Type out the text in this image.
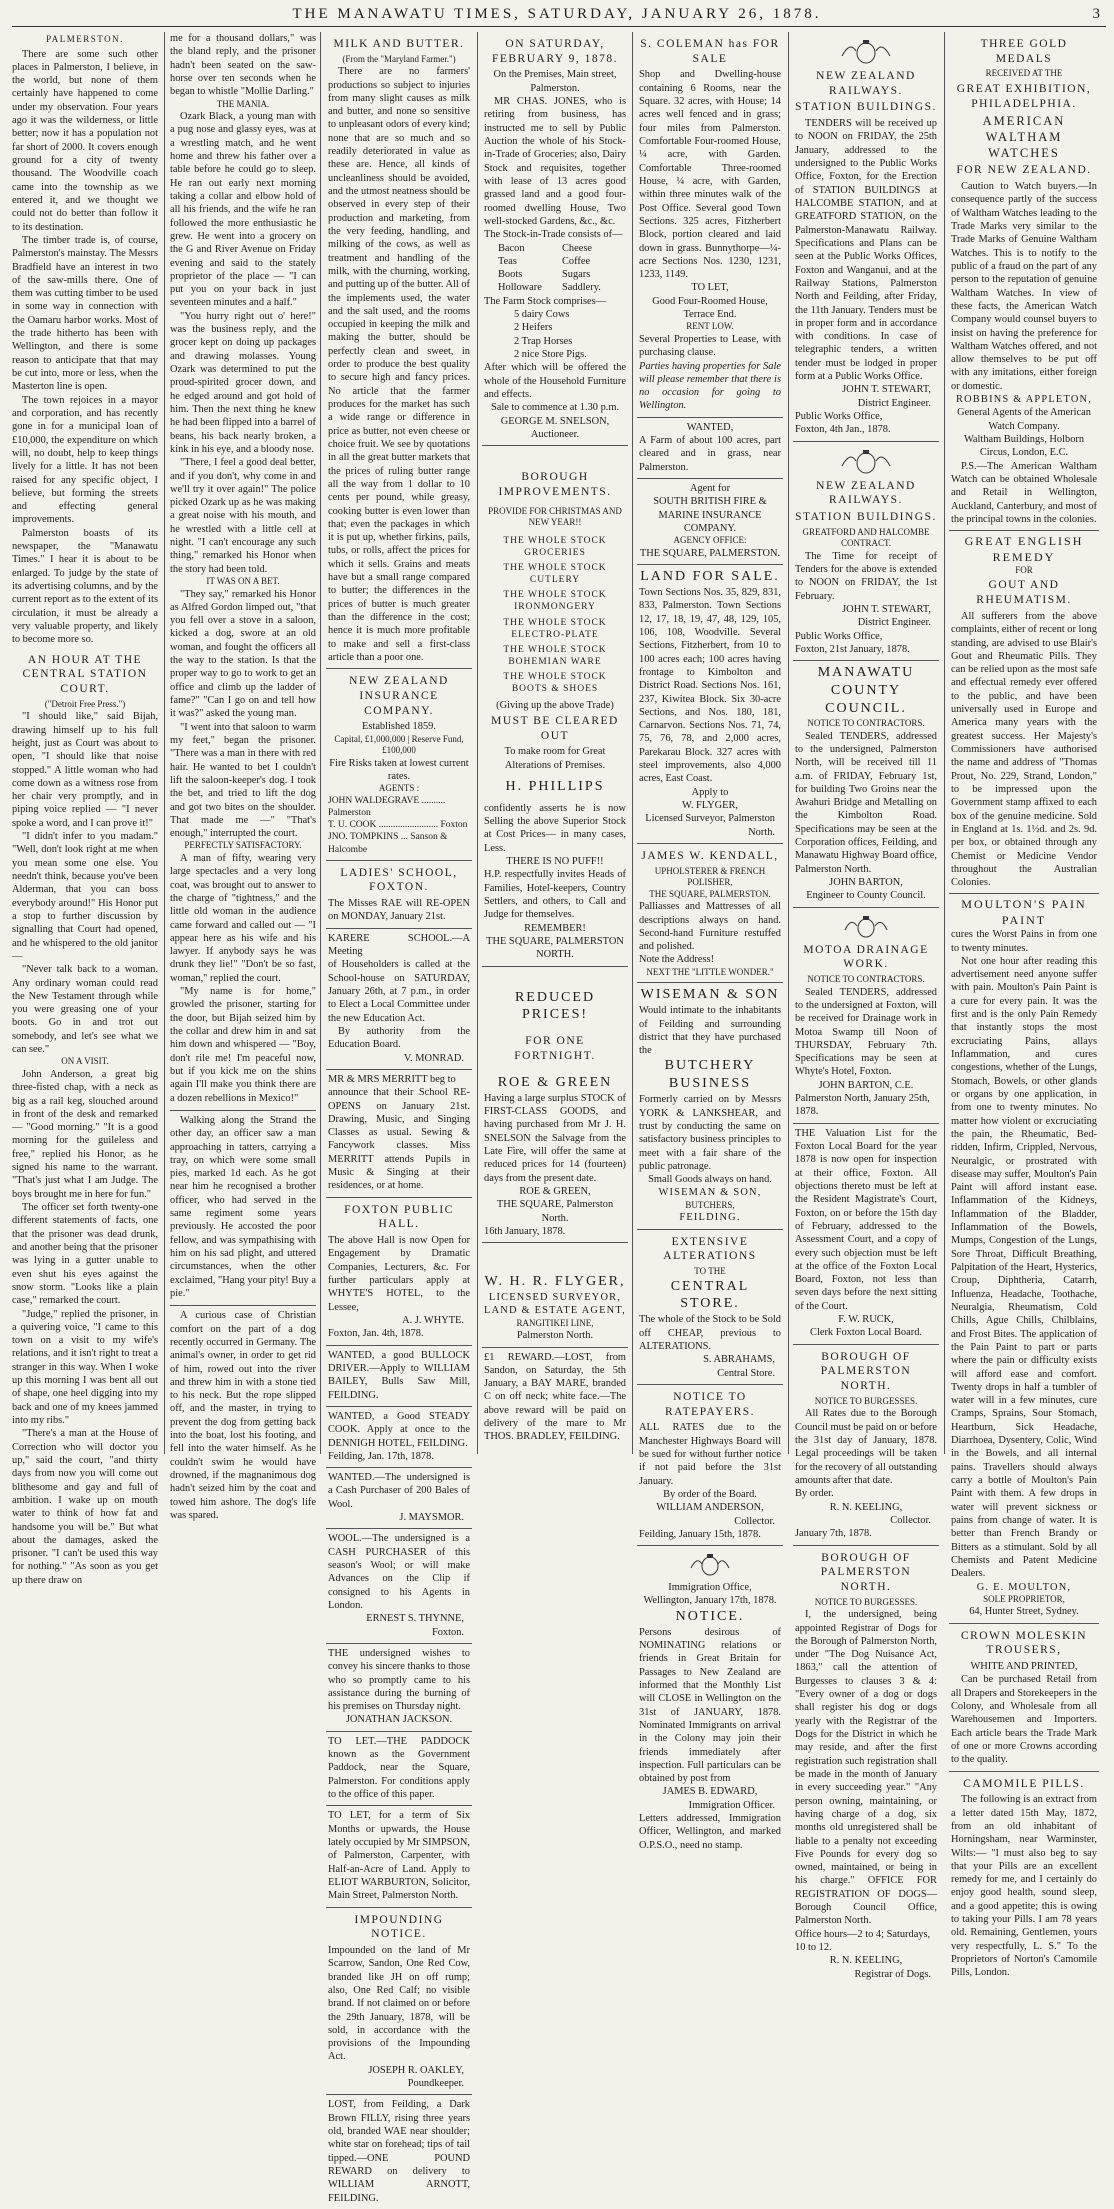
THE MANAWATU TIMES, SATURDAY, JANUARY 26, 1878.	3
PALMERSTON.

There are some such other places in Palmerston, I believe, in the world, but none of them certainly have happened to come under my observation. Four years ago it was the wilderness, or little better; now it has a population not far short of 2000. It covers enough ground for a city of twenty thousand. The Woodville coach came into the township as we entered it, and we thought we could not do better than follow it to its destination.

The timber trade is, of course, Palmerston's mainstay. The Messrs Bradfield have an interest in two of the saw-mills there. One of them was cutting timber to be used in some way in connection with the Oamaru harbor works. Most of the trade hitherto has been with Wellington, and there is some reason to anticipate that that may be cut into, more or less, when the Masterton line is open.

The town rejoices in a mayor and corporation, and has recently gone in for a municipal loan of £10,000, the expenditure on which will, no doubt, help to keep things lively for a little. It has not been raised for any specific object, I believe, but forming the streets and effecting general improvements.

Palmerston boasts of its newspaper, the "Manawatu Times." I hear it is about to be enlarged. To judge by the state of its advertising columns, and by the current report as to the extent of its circulation, it must be already a very valuable property, and likely to become more so.

AN HOUR AT THE CENTRAL STATION COURT.
("Detroit Free Press.")

"I should like," said Bijah, drawing himself up to his full height, just as Court was about to open, "I should like that noise stopped." A little woman who had come down as a witness rose from her chair very promptly, and in piping voice replied — "I never spoke a word, and I can prove it!"

"I didn't infer to you madam." "Well, don't look right at me when you mean some one else. You needn't think, because you've been Alderman, that you can boss everybody around!" His Honor put a stop to further discussion by signalling that Court had opened, and he whispered to the old janitor —

"Never talk back to a woman. Any ordinary woman could read the New Testament through while you were greasing one of your boots. Go in and trot out somebody, and let's see what we can see."

ON A VISIT.

John Anderson, a great big three-fisted chap, with a neck as big as a rail keg, slouched around in front of the desk and remarked — "Good morning." "It is a good morning for the guileless and free," replied his Honor, as he signed his name to the warrant. "That's just what I am Judge. The boys brought me in here for fun."

The officer set forth twenty-one different statements of facts, one that the prisoner was dead drunk, and another being that the prisoner was lying in a gutter unable to even shut his eyes against the snow storm. "Looks like a plain case," remarked the court.

"Judge," replied the prisoner, in a quivering voice, "I came to this town on a visit to my wife's relations, and it isn't right to treat a stranger in this way. When I woke up this morning I was bent all out of shape, one heel digging into my back and one of my knees jammed into my ribs."

"There's a man at the House of Correction who will doctor you up," said the court, "and thirty days from now you will come out blithesome and gay and full of ambition. I wake up on mouth water to think of how fat and handsome you will be." But what about the damages, asked the prisoner. "I can't be used this way for nothing." "As soon as you get up there draw on

me for a thousand dollars," was the bland reply, and the prisoner hadn't been seated on the saw-horse over ten seconds when he began to whistle "Mollie Darling."

THE MANIA.

Ozark Black, a young man with a pug nose and glassy eyes, was at a wrestling match, and he went home and threw his father over a table before he could go to sleep. He ran out early next morning taking a collar and elbow hold of all his friends, and the wife he ran followed the more enthusiastic he grew. He went into a grocery on the G and River Avenue on Friday evening and said to the stately proprietor of the place — "I can put you on your back in just seventeen minutes and a half."

"You hurry right out o' here!" was the business reply, and the grocer kept on doing up packages and drawing molasses. Young Ozark was determined to put the proud-spirited grocer down, and he edged around and got hold of him. Then the next thing he knew he had been flipped into a barrel of beans, his back nearly broken, a kink in his eye, and a bloody nose.

"There, I feel a good deal better, and if you don't, why come in and we'll try it over again!" The police picked Ozark up as he was making a great noise with his mouth, and he wrestled with a little cell at night. "I can't encourage any such thing," remarked his Honor when the story had been told.

IT WAS ON A BET.

"They say," remarked his Honor as Alfred Gordon limped out, "that you fell over a stove in a saloon, kicked a dog, swore at an old woman, and fought the officers all the way to the station. Is that the proper way to go to work to get an office and climb up the ladder of fame?" "Can I go on and tell how it was?" asked the young man.

"I went into that saloon to warm my feet," began the prisoner. "There was a man in there with red hair. He wanted to bet I couldn't lift the saloon-keeper's dog. I took the bet, and tried to lift the dog and got two bites on the shoulder. That made me —" "That's enough," interrupted the court.

PERFECTLY SATISFACTORY.

A man of fifty, wearing very large spectacles and a very long coat, was brought out to answer to the charge of "tightness," and the little old woman in the audience came forward and called out — "I appear here as his wife and his lawyer. If anybody says he was drunk they lie!" "Don't be so fast, woman," replied the court.

"My name is for home," growled the prisoner, starting for the door, but Bijah seized him by the collar and drew him in and sat him down and whispered — "Boy, don't rile me! I'm peaceful now, but if you kick me on the shins again I'll make you think there are a dozen rebellions in Mexico!"

Walking along the Strand the other day, an officer saw a man approaching in tatters, carrying a tray, on which were some small pies, marked 1d each. As he got near him he recognised a brother officer, who had served in the same regiment some years previously. He accosted the poor fellow, and was sympathising with him on his sad plight, and uttered circumstances, when the other exclaimed, "Hang your pity! Buy a pie."

A curious case of Christian comfort on the part of a dog recently occurred in Germany. The animal's owner, in order to get rid of him, rowed out into the river and threw him in with a stone tied to his neck. But the rope slipped off, and the master, in trying to prevent the dog from getting back into the boat, lost his footing, and fell into the water himself. As he couldn't swim he would have drowned, if the magnanimous dog hadn't seized him by the coat and towed him ashore. The dog's life was spared.

MILK AND BUTTER.
(From the "Maryland Farmer.")

There are no farmers' productions so subject to injuries from many slight causes as milk and butter, and none so sensitive to unpleasant odors of every kind; none that are so much and so readily deteriorated in value as these are. Hence, all kinds of uncleanliness should be avoided, and the utmost neatness should be observed in every step of their production and marketing, from the very feeding, handling, and milking of the cows, as well as treatment and handling of the milk, with the churning, working, and putting up of the butter. All of the implements used, the water and the salt used, and the rooms occupied in keeping the milk and making the butter, should be perfectly clean and sweet, in order to produce the best quality to secure high and fancy prices. No article that the farmer produces for the market has such a wide range or difference in price as butter, not even cheese or choice fruit. We see by quotations in all the great butter markets that the prices of ruling butter range all the way from 1 dollar to 10 cents per pound, while greasy, cooking butter is even lower than that; even the packages in which it is put up, whether firkins, pails, tubs, or rolls, affect the prices for which it sells. Grains and meats have but a small range compared to butter; the differences in the prices of butter is much greater than the difference in the cost; hence it is much more profitable to make and sell a first-class article than a poor one.

NEW ZEALAND INSURANCE COMPANY.
Established 1859.
Capital, £1,000,000 | Reserve Fund, £100,000
Fire Risks taken at lowest current rates.
AGENTS :
JOHN WALDEGRAVE .......... Palmerston
T. U. COOK ......................... Foxton
JNO. TOMPKINS ... Sanson & Halcombe
LADIES' SCHOOL, FOXTON.

The Misses RAE will RE-OPEN on MONDAY, January 21st.

KARERE SCHOOL.—A Meeting

of Householders is called at the School-house on SATURDAY, January 26th, at 7 p.m., in order to Elect a Local Committee under the new Education Act.

By authority from the Education Board.

V. MONRAD.

MR & MRS MERRITT beg to

announce that their School RE-OPENS on January 21st. Drawing, Music, and Singing Classes as usual. Sewing & Fancywork classes. Miss MERRITT attends Pupils in Music & Singing at their residences, or at home.

FOXTON PUBLIC HALL.

The above Hall is now Open for Engagement by Dramatic Companies, Lecturers, &c. For further particulars apply at WHYTE'S HOTEL, to the Lessee,

A. J. WHYTE.
Foxton, Jan. 4th, 1878.

WANTED, a good BULLOCK DRIVER.—Apply to WILLIAM BAILEY, Bulls Saw Mill, FEILDING.

WANTED, a Good STEADY COOK. Apply at once to the DENNIGH HOTEL, FEILDING.

Feilding, Jan. 17th, 1878.

WANTED.—The undersigned is a Cash Purchaser of 200 Bales of Wool.

J. MAYSMOR.

WOOL.—The undersigned is a CASH PURCHASER of this season's Wool; or will make Advances on the Clip if consigned to his Agents in London.

ERNEST S. THYNNE,
Foxton.

THE undersigned wishes to convey his sincere thanks to those who so promptly came to his assistance during the burning of his premises on Thursday night.

JONATHAN JACKSON.

TO LET.—THE PADDOCK known as the Government Paddock, near the Square, Palmerston. For conditions apply to the office of this paper.

TO LET, for a term of Six Months or upwards, the House lately occupied by Mr SIMPSON, of Palmerston, Carpenter, with Half-an-Acre of Land. Apply to ELIOT WARBURTON, Solicitor, Main Street, Palmerston North.

IMPOUNDING NOTICE.

Impounded on the land of Mr Scarrow, Sandon, One Red Cow, branded like JH on off rump; also, One Red Calf; no visible brand. If not claimed on or before the 29th January, 1878, will be sold, in accordance with the provisions of the Impounding Act.

JOSEPH R. OAKLEY,
Poundkeeper.

LOST, from Feilding, a Dark Brown FILLY, rising three years old, branded WAE near shoulder; white star on forehead; tips of tail tipped.—ONE POUND REWARD on delivery to WILLIAM ARNOTT, FEILDING.

ON SATURDAY, FEBRUARY 9, 1878.
On the Premises, Main street, Palmerston.

MR CHAS. JONES, who is retiring from business, has instructed me to sell by Public Auction the whole of his Stock-in-Trade of Groceries; also, Dairy Stock and requisites, together with lease of 13 acres good grassed land and a good four-roomed dwelling House, Two well-stocked Gardens, &c., &c.

The Stock-in-Trade consists of—
Bacon	Cheese
Teas	Coffee
Boots	Sugars
Holloware	Saddlery.
The Farm Stock comprises—
5 dairy Cows
2 Heifers
2 Trap Horses
2 nice Store Pigs.

After which will be offered the whole of the Household Furniture and effects.

Sale to commence at 1.30 p.m.
GEORGE M. SNELSON,
Auctioneer.
BOROUGH IMPROVEMENTS.
PROVIDE FOR CHRISTMAS AND NEW YEAR!!
THE WHOLE STOCK GROCERIES
THE WHOLE STOCK CUTLERY
THE WHOLE STOCK IRONMONGERY
THE WHOLE STOCK ELECTRO-PLATE
THE WHOLE STOCK BOHEMIAN WARE
THE WHOLE STOCK BOOTS & SHOES
(Giving up the above Trade)
MUST BE CLEARED OUT
To make room for Great Alterations of Premises.
H. PHILLIPS

confidently asserts he is now Selling the above Superior Stock at Cost Prices— in many cases, Less.

THERE IS NO PUFF!!

H.P. respectfully invites Heads of Families, Hotel-keepers, Country Settlers, and others, to Call and Judge for themselves.

REMEMBER!
THE SQUARE, PALMERSTON NORTH.
REDUCED PRICES!
FOR ONE FORTNIGHT.
ROE & GREEN

Having a large surplus STOCK of FIRST-CLASS GOODS, and having purchased from Mr J. H. SNELSON the Salvage from the Late Fire, will offer the same at reduced prices for 14 (fourteen) days from the present date.

ROE & GREEN,
THE SQUARE, Palmerston North.
16th January, 1878.
W. H. R. FLYGER,
LICENSED SURVEYOR, LAND & ESTATE AGENT,
RANGITIKEI LINE,
Palmerston North.

£1 REWARD.—LOST, from Sandon, on Saturday, the 5th January, a BAY MARE, branded C on off neck; white face.—The above reward will be paid on delivery of the mare to Mr THOS. BRADLEY, FEILDING.

S. COLEMAN has FOR SALE

Shop and Dwelling-house containing 6 Rooms, near the Square. 32 acres, with House; 14 acres well fenced and in grass; four miles from Palmerston. Comfortable Four-roomed House, ¼ acre, with Garden. Comfortable Three-roomed House, ¼ acre, with Garden, within three minutes walk of the Post Office. Several good Town Sections. 325 acres, Fitzherbert Block, portion cleared and laid down in grass. Bunnythorpe—¼-acre Sections Nos. 1230, 1231, 1233, 1149.

TO LET,
Good Four-Roomed House, Terrace End.
RENT LOW.

Several Properties to Lease, with purchasing clause.

Parties having properties for Sale will please remember that there is no occasion for going to Wellington.

WANTED,

A Farm of about 100 acres, part cleared and in grass, near Palmerston.

Agent for
SOUTH BRITISH FIRE & MARINE INSURANCE COMPANY.
AGENCY OFFICE:
THE SQUARE, PALMERSTON.
LAND FOR SALE.

Town Sections Nos. 35, 829, 831, 833, Palmerston. Town Sections 12, 17, 18, 19, 47, 48, 129, 105, 106, 108, Woodville. Several Sections, Fitzherbert, from 10 to 100 acres each; 100 acres having frontage to Kimbolton and District Road. Sections Nos. 161, 237, Kiwitea Block. Six 30-acre Sections, and Nos. 180, 181, Carnarvon. Sections Nos. 71, 74, 75, 76, 78, and 2,000 acres, Parekarau Block. 327 acres with steel improvements, also 4,000 acres, East Coast.

Apply to
W. FLYGER,
Licensed Surveyor, Palmerston North.
JAMES W. KENDALL,
UPHOLSTERER & FRENCH POLISHER,
THE SQUARE, PALMERSTON.

Palliasses and Mattresses of all descriptions always on hand. Second-hand Furniture restuffed and polished.

Note the Address!
NEXT THE "LITTLE WONDER."
WISEMAN & SON

Would intimate to the inhabitants of Feilding and surrounding district that they have purchased the

BUTCHERY BUSINESS

Formerly carried on by Messrs YORK & LANKSHEAR, and trust by conducting the same on satisfactory business principles to meet with a fair share of the public patronage.

Small Goods always on hand.
WISEMAN & SON,
BUTCHERS,
FEILDING.
EXTENSIVE ALTERATIONS
TO THE
CENTRAL STORE.

The whole of the Stock to be Sold off CHEAP, previous to ALTERATIONS.

S. ABRAHAMS,
Central Store.
NOTICE TO RATEPAYERS.

ALL RATES due to the Manchester Highways Board will be sued for without further notice if not paid before the 31st January.

By order of the Board.
WILLIAM ANDERSON,
Collector.
Feilding, January 15th, 1878.
Immigration Office,
Wellington, January 17th, 1878.
NOTICE.

Persons desirous of NOMINATING relations or friends in Great Britain for Passages to New Zealand are informed that the Monthly List will CLOSE in Wellington on the 31st of JANUARY, 1878. Nominated Immigrants on arrival in the Colony may join their friends immediately after inspection. Full particulars can be obtained by post from

JAMES B. EDWARD,
Immigration Officer.

Letters addressed, Immigration Officer, Wellington, and marked O.P.S.O., need no stamp.

NEW ZEALAND RAILWAYS.
STATION BUILDINGS.

TENDERS will be received up to NOON on FRIDAY, the 25th January, addressed to the undersigned to the Public Works Office, Foxton, for the Erection of STATION BUILDINGS at HALCOMBE STATION, and at GREATFORD STATION, on the Palmerston-Manawatu Railway. Specifications and Plans can be seen at the Public Works Offices, Foxton and Wanganui, and at the Railway Stations, Palmerston North and Feilding, after Friday, the 11th January. Tenders must be in proper form and in accordance with conditions. In case of telegraphic tenders, a written tender must be lodged in proper form at a Public Works Office.

JOHN T. STEWART,
District Engineer.
Public Works Office,
Foxton, 4th Jan., 1878.
NEW ZEALAND RAILWAYS.
STATION BUILDINGS.
GREATFORD AND HALCOMBE CONTRACT.

The Time for receipt of Tenders for the above is extended to NOON on FRIDAY, the 1st February.

JOHN T. STEWART,
District Engineer.
Public Works Office,
Foxton, 21st January, 1878.
MANAWATU COUNTY COUNCIL.
NOTICE TO CONTRACTORS.

Sealed TENDERS, addressed to the undersigned, Palmerston North, will be received till 11 a.m. of FRIDAY, February 1st, for building Two Groins near the Awahuri Bridge and Metalling on the Kimbolton Road. Specifications may be seen at the Corporation offices, Feilding, and Manawatu Highway Board office, Palmerston North.

JOHN BARTON,
Engineer to County Council.
MOTOA DRAINAGE WORK.
NOTICE TO CONTRACTORS.

Sealed TENDERS, addressed to the undersigned at Foxton, will be received for Drainage work in Motoa Swamp till Noon of THURSDAY, February 7th. Specifications may be seen at Whyte's Hotel, Foxton.

JOHN BARTON, C.E.
Palmerston North, January 25th, 1878.

THE Valuation List for the Foxton Local Board for the year 1878 is now open for inspection at their office, Foxton. All objections thereto must be left at the Resident Magistrate's Court, Foxton, on or before the 15th day of February, addressed to the Assessment Court, and a copy of every such objection must be left at the office of the Foxton Local Board, Foxton, not less than seven days before the next sitting of the Court.

F. W. RUCK,
Clerk Foxton Local Board.
BOROUGH OF PALMERSTON NORTH.
NOTICE TO BURGESSES.

All Rates due to the Borough Council must be paid on or before the 31st day of January, 1878. Legal proceedings will be taken for the recovery of all outstanding amounts after that date.

By order.
R. N. KEELING,
Collector.
January 7th, 1878.
BOROUGH OF PALMERSTON NORTH.
NOTICE TO BURGESSES.

I, the undersigned, being appointed Registrar of Dogs for the Borough of Palmerston North, under "The Dog Nuisance Act, 1863," call the attention of Burgesses to clauses 3 & 4: "Every owner of a dog or dogs shall register his dog or dogs yearly with the Registrar of the Dogs for the District in which he may reside, and after the first registration such registration shall be made in the month of January in every succeeding year." "Any person owning, maintaining, or having charge of a dog, six months old unregistered shall be liable to a penalty not exceeding Five Pounds for every dog so owned, maintained, or being in his charge." OFFICE FOR REGISTRATION OF DOGS— Borough Council Office, Palmerston North.

Office hours—2 to 4; Saturdays, 10 to 12.
R. N. KEELING,
Registrar of Dogs.
THREE GOLD MEDALS
RECEIVED AT THE
GREAT EXHIBITION, PHILADELPHIA.
AMERICAN WALTHAM WATCHES
FOR NEW ZEALAND.

Caution to Watch buyers.—In consequence partly of the success of Waltham Watches leading to the Trade Marks very similar to the Trade Marks of Genuine Waltham Watches. This is to notify to the public of a fraud on the part of any person to the reputation of genuine Waltham Watches. In view of these facts, the American Watch Company would counsel buyers to insist on having the preference for Waltham Watches offered, and not allow themselves to be put off with any imitations, either foreign or domestic.

ROBBINS & APPLETON,
General Agents of the American Watch Company.
Waltham Buildings, Holborn Circus, London, E.C.

P.S.—The American Waltham Watch can be obtained Wholesale and Retail in Wellington, Auckland, Canterbury, and most of the principal towns in the colonies.

GREAT ENGLISH REMEDY
FOR
GOUT AND RHEUMATISM.

All sufferers from the above complaints, either of recent or long standing, are advised to use Blair's Gout and Rheumatic Pills. They can be relied upon as the most safe and effectual remedy ever offered to the public, and have been universally used in Europe and America many years with the greatest success. Her Majesty's Commissioners have authorised the name and address of "Thomas Prout, No. 229, Strand, London," to be impressed upon the Government stamp affixed to each box of the genuine medicine. Sold in England at 1s. 1½d. and 2s. 9d. per box, or obtained through any Chemist or Medicine Vendor throughout the Australian Colonies.

MOULTON'S PAIN PAINT

cures the Worst Pains in from one to twenty minutes.

Not one hour after reading this advertisement need anyone suffer with pain. Moulton's Pain Paint is a cure for every pain. It was the first and is the only Pain Remedy that instantly stops the most excruciating Pains, allays Inflammation, and cures congestions, whether of the Lungs, Stomach, Bowels, or other glands or organs by one application, in from one to twenty minutes. No matter how violent or excruciating the pain, the Rheumatic, Bed-ridden, Infirm, Crippled, Nervous, Neuralgic, or prostrated with disease may suffer, Moulton's Pain Paint will afford instant ease. Inflammation of the Kidneys, Inflammation of the Bladder, Inflammation of the Bowels, Mumps, Congestion of the Lungs, Sore Throat, Difficult Breathing, Palpitation of the Heart, Hysterics, Croup, Diphtheria, Catarrh, Influenza, Headache, Toothache, Neuralgia, Rheumatism, Cold Chills, Ague Chills, Chilblains, and Frost Bites. The application of the Pain Paint to part or parts where the pain or difficulty exists will afford ease and comfort. Twenty drops in half a tumbler of water will in a few minutes, cure Cramps, Sprains, Sour Stomach, Heartburn, Sick Headache, Diarrhoea, Dysentery, Colic, Wind in the Bowels, and all internal pains. Travellers should always carry a bottle of Moulton's Pain Paint with them. A few drops in water will prevent sickness or pains from change of water. It is better than French Brandy or Bitters as a stimulant. Sold by all Chemists and Patent Medicine Dealers.

G. E. MOULTON,
SOLE PROPRIETOR,
64, Hunter Street, Sydney.
CROWN MOLESKIN TROUSERS,
WHITE AND PRINTED,

Can be purchased Retail from all Drapers and Storekeepers in the Colony, and Wholesale from all Warehousemen and Importers. Each article bears the Trade Mark of one or more Crowns according to the quality.

CAMOMILE PILLS.

The following is an extract from a letter dated 15th May, 1872, from an old inhabitant of Horningsham, near Warminster, Wilts:— "I must also beg to say that your Pills are an excellent remedy for me, and I certainly do enjoy good health, sound sleep, and a good appetite; this is owing to taking your Pills. I am 78 years old. Remaining, Gentlemen, yours very respectfully, L. S." To the Proprietors of Norton's Camomile Pills, London.
